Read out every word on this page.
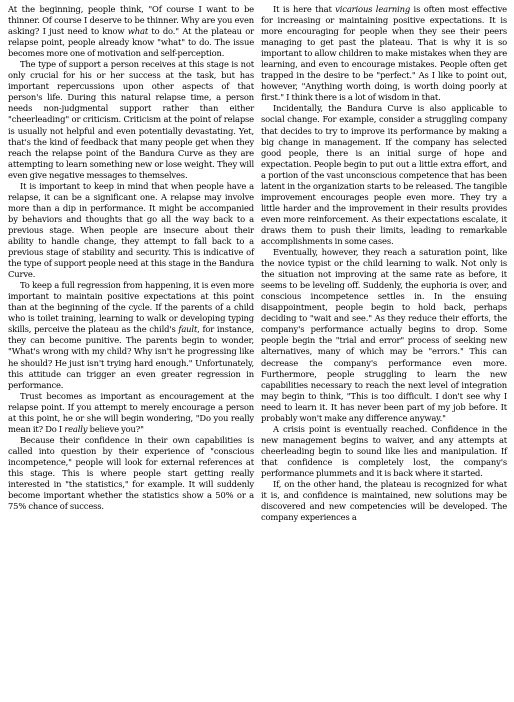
At the beginning, people think, "Of course I want to be thinner. Of course I deserve to be thinner. Why are you even asking? I just need to know what to do." At the plateau or relapse point, people already know "what" to do. The issue becomes more one of motivation and self-perception.

The type of support a person receives at this stage is not only crucial for his or her success at the task, but has important repercussions upon other aspects of that person's life. During this natural relapse time, a person needs non-judgmental support rather than either "cheerleading" or criticism. Criticism at the point of relapse is usually not helpful and even potentially devastating. Yet, that's the kind of feedback that many people get when they reach the relapse point of the Bandura Curve as they are attempting to learn something new or lose weight. They will even give negative messages to themselves.

It is important to keep in mind that when people have a relapse, it can be a significant one. A relapse may involve more than a dip in performance. It might be accompanied by behaviors and thoughts that go all the way back to a previous stage. When people are insecure about their ability to handle change, they attempt to fall back to a previous stage of stability and security. This is indicative of the type of support people need at this stage in the Bandura Curve.

To keep a full regression from happening, it is even more important to maintain positive expectations at this point than at the beginning of the cycle. If the parents of a child who is toilet training, learning to walk or developing typing skills, perceive the plateau as the child's fault, for instance, they can become punitive. The parents begin to wonder, "What's wrong with my child? Why isn't he progressing like he should? He just isn't trying hard enough." Unfortunately, this attitude can trigger an even greater regression in performance.

Trust becomes as important as encouragement at the relapse point. If you attempt to merely encourage a person at this point, he or she will begin wondering, "Do you really mean it? Do I really believe you?"

Because their confidence in their own capabilities is called into question by their experience of "conscious incompetence," people will look for external references at this stage. This is where people start getting really interested in "the statistics," for example. It will suddenly become important whether the statistics show a 50% or a 75% chance of success.

It is here that vicarious learning is often most effective for increasing or maintaining positive expectations. It is more encouraging for people when they see their peers managing to get past the plateau. That is why it is so important to allow children to make mistakes when they are learning, and even to encourage mistakes. People often get trapped in the desire to be "perfect." As I like to point out, however, "Anything worth doing, is worth doing poorly at first." I think there is a lot of wisdom in that.

Incidentally, the Bandura Curve is also applicable to social change. For example, consider a struggling company that decides to try to improve its performance by making a big change in management. If the company has selected good people, there is an initial surge of hope and expectation. People begin to put out a little extra effort, and a portion of the vast unconscious competence that has been latent in the organization starts to be released. The tangible improvement encourages people even more. They try a little harder and the improvement in their results provides even more reinforcement. As their expectations escalate, it draws them to push their limits, leading to remarkable accomplishments in some cases.

Eventually, however, they reach a saturation point, like the novice typist or the child learning to walk. Not only is the situation not improving at the same rate as before, it seems to be leveling off. Suddenly, the euphoria is over, and conscious incompetence settles in. In the ensuing disappointment, people begin to hold back, perhaps deciding to "wait and see." As they reduce their efforts, the company's performance actually begins to drop. Some people begin the "trial and error" process of seeking new alternatives, many of which may be "errors." This can decrease the company's performance even more. Furthermore, people struggling to learn the new capabilities necessary to reach the next level of integration may begin to think, "This is too difficult. I don't see why I need to learn it. It has never been part of my job before. It probably won't make any difference anyway."

A crisis point is eventually reached. Confidence in the new management begins to waiver, and any attempts at cheerleading begin to sound like lies and manipulation. If that confidence is completely lost, the company's performance plummets and it is back where it started.

If, on the other hand, the plateau is recognized for what it is, and confidence is maintained, new solutions may be discovered and new competencies will be developed. The company experiences a
